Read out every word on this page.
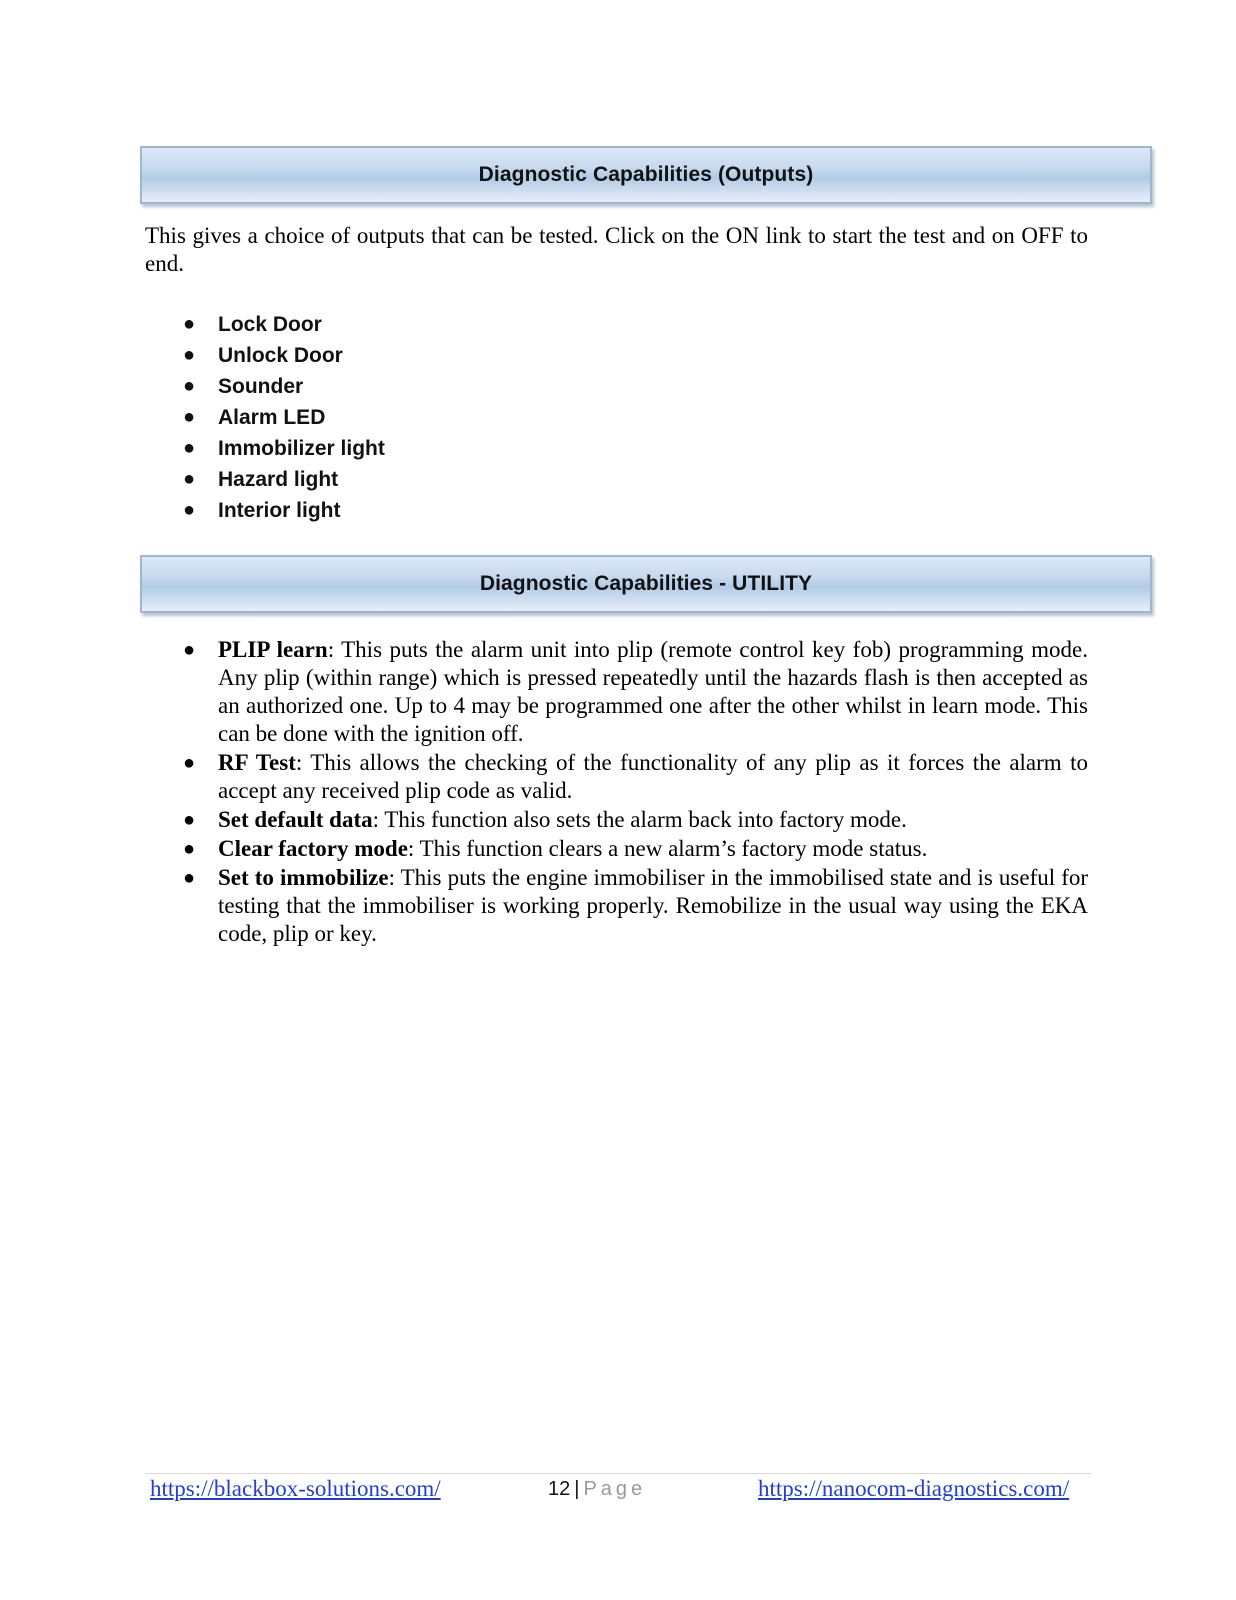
Diagnostic Capabilities (Outputs)

This gives a choice of outputs that can be tested. Click on the ON link to start the test and on OFF to end.

● Lock Door
● Unlock Door
● Sounder
● Alarm LED
● Immobilizer light
● Hazard light
● Interior light
Diagnostic Capabilities - UTILITY
● PLIP learn: This puts the alarm unit into plip (remote control key fob) programming mode. Any plip (within range) which is pressed repeatedly until the hazards flash is then accepted as an authorized one. Up to 4 may be programmed one after the other whilst in learn mode. This can be done with the ignition off.
● RF Test: This allows the checking of the functionality of any plip as it forces the alarm to accept any received plip code as valid.
● Set default data: This function also sets the alarm back into factory mode.
● Clear factory mode: This function clears a new alarm’s factory mode status.
● Set to immobilize: This puts the engine immobiliser in the immobilised state and is useful for testing that the immobiliser is working properly. Remobilize in the usual way using the EKA code, plip or key.
https://blackbox-solutions.com/	12 | Page	https://nanocom-diagnostics.com/
